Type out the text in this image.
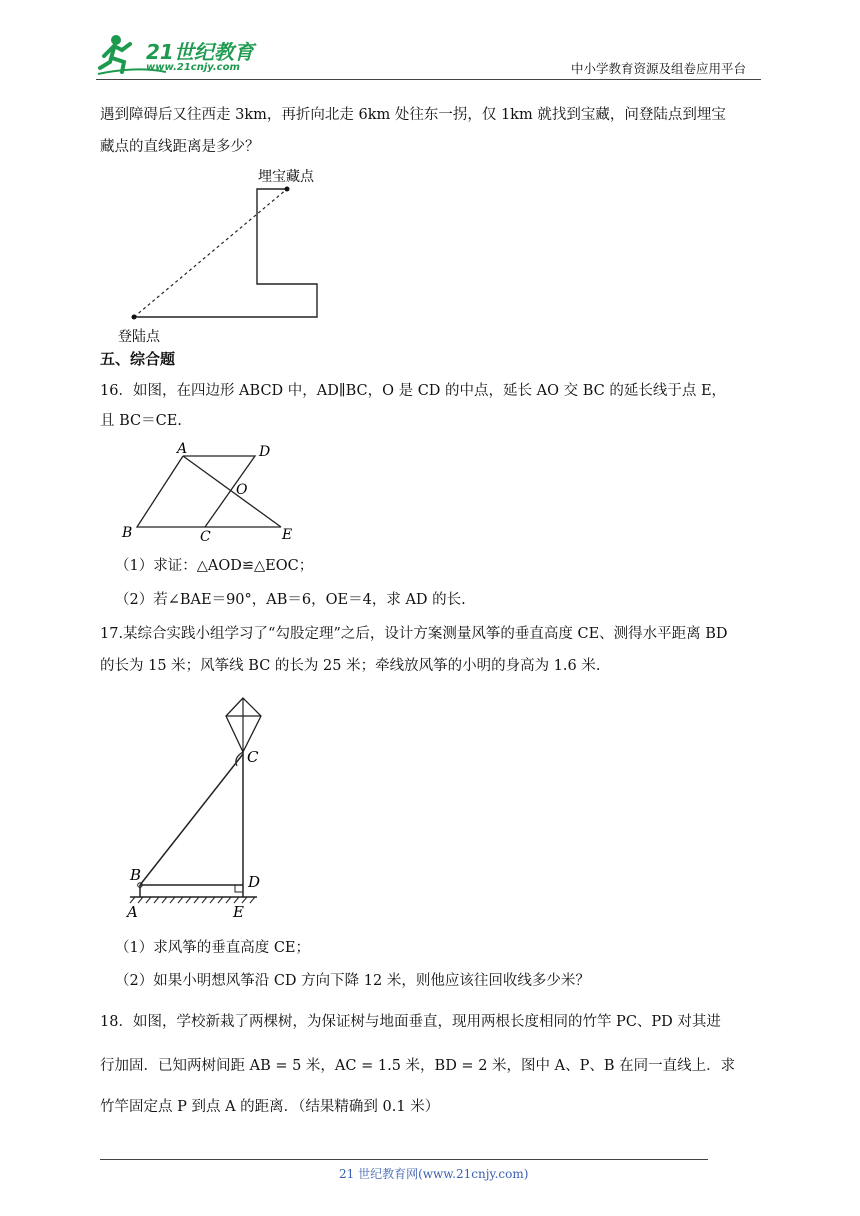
21世纪教育
www.21cnjy.com	中小学教育资源及组卷应用平台
遇到障碍后又往西走 3km，再折向北走 6km 处往东一拐，仅 1km 就找到宝藏，问登陆点到埋宝
藏点的直线距离是多少？
埋宝藏点
登陆点
五、综合题
16．如图，在四边形 ABCD 中，AD∥BC，O 是 CD 的中点，延长 AO 交 BC 的延长线于点 E，
且 BC＝CE.
A	D
O
B	C	E
（1）求证：△AOD≌△EOC；
（2）若∠BAE＝90°，AB＝6，OE＝4，求 AD 的长.
17.某综合实践小组学习了“勾股定理”之后，设计方案测量风筝的垂直高度 CE、测得水平距离 BD
的长为 15 米；风筝线 BC 的长为 25 米；牵线放风筝的小明的身高为 1.6 米.
C
B	D
A	E
（1）求风筝的垂直高度 CE；
（2）如果小明想风筝沿 CD 方向下降 12 米，则他应该往回收线多少米？
18．如图，学校新栽了两棵树，为保证树与地面垂直，现用两根长度相同的竹竿 PC、PD 对其进
行加固．已知两树间距 AB = 5 米，AC = 1.5 米，BD = 2 米，图中 A、P、B 在同一直线上．求
竹竿固定点 P 到点 A 的距离．（结果精确到 0.1 米）
21 世纪教育网(www.21cnjy.com)
